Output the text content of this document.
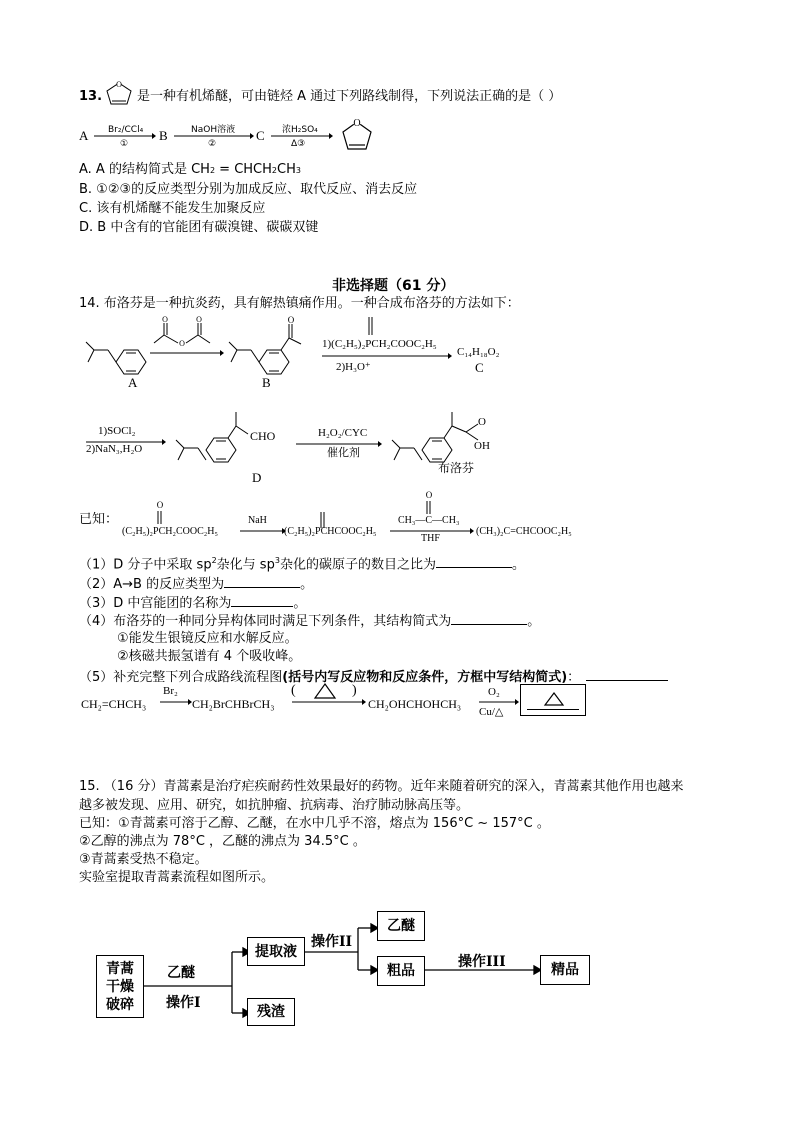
13.
O
是一种有机烯醚，可由链烃 A 通过下列路线制得，下列说法正确的是（ ）
A Br₂/CCl₄
①
B	NaOH溶液
②
C 浓H₂SO₄
Δ③
O
A. A 的结构简式是 CH2 = CHCH2CH3
B. ①②③的反应类型分别为加成反应、取代反应、消去反应
C. 该有机烯醚不能发生加聚反应
D. B 中含有的官能团有碳溴键、碳碳双键
非选择题（61 分）
14. 布洛芬是一种抗炎药，具有解热镇痛作用。一种合成布洛芬的方法如下：
A
O	O
O
O
B
1)(C₂H₅)₂PCH₂COOC₂H₅
2)H₃O⁺
C₁₄H₁₈O₂
C
1)SOCl₂
2)NaN₃,H₂O
CHO
D
H₂O₂/CYC
催化剂
O
OH
布洛芬
已知：
O
(C₂H₅)₂PCH₂COOC₂H₅
NaH
(C₂H₅)₂PCHCOOC₂H₅
O
CH₃—C—CH₃
THF
(CH₃)₂C=CHCOOC₂H₅
（1）D 分子中采取 $sp^2$杂化与 $sp^3$杂化的碳原子的数目之比为	。
（2）A→B 的反应类型为	。
（3）D 中宫能团的名称为	。
（4）布洛芬的一种同分异构体同时满足下列条件，其结构简式为	。
①能发生银镜反应和水解反应。
②核磁共振氢谱有 4 个吸收峰。
（5）补充完整下列合成路线流程图(括号内写反应物和反应条件，方框中写结构简式)：
CH₂=CHCH₃
Br₂
CH₂BrCHBrCH₃
(	)
CH₂OHCHOHCH₃
O₂
Cu/△
15. （16 分）青蒿素是治疗疟疾耐药性效果最好的药物。近年来随着研究的深入，青蒿素其他作用也越来
越多被发现、应用、研究，如抗肿瘤、抗病毒、治疗肺动脉高压等。
已知：①青蒿素可溶于乙醇、乙醚，在水中几乎不溶，熔点为 156°C ~ 157°C 。
②乙醇的沸点为 78°C ，乙醚的沸点为 34.5°C 。
③青蒿素受热不稳定。
实验室提取青蒿素流程如图所示。
青蒿
干燥
破碎
乙醚
操作I
提取液
残渣
操作II
乙醚
粗品
操作III	精品
